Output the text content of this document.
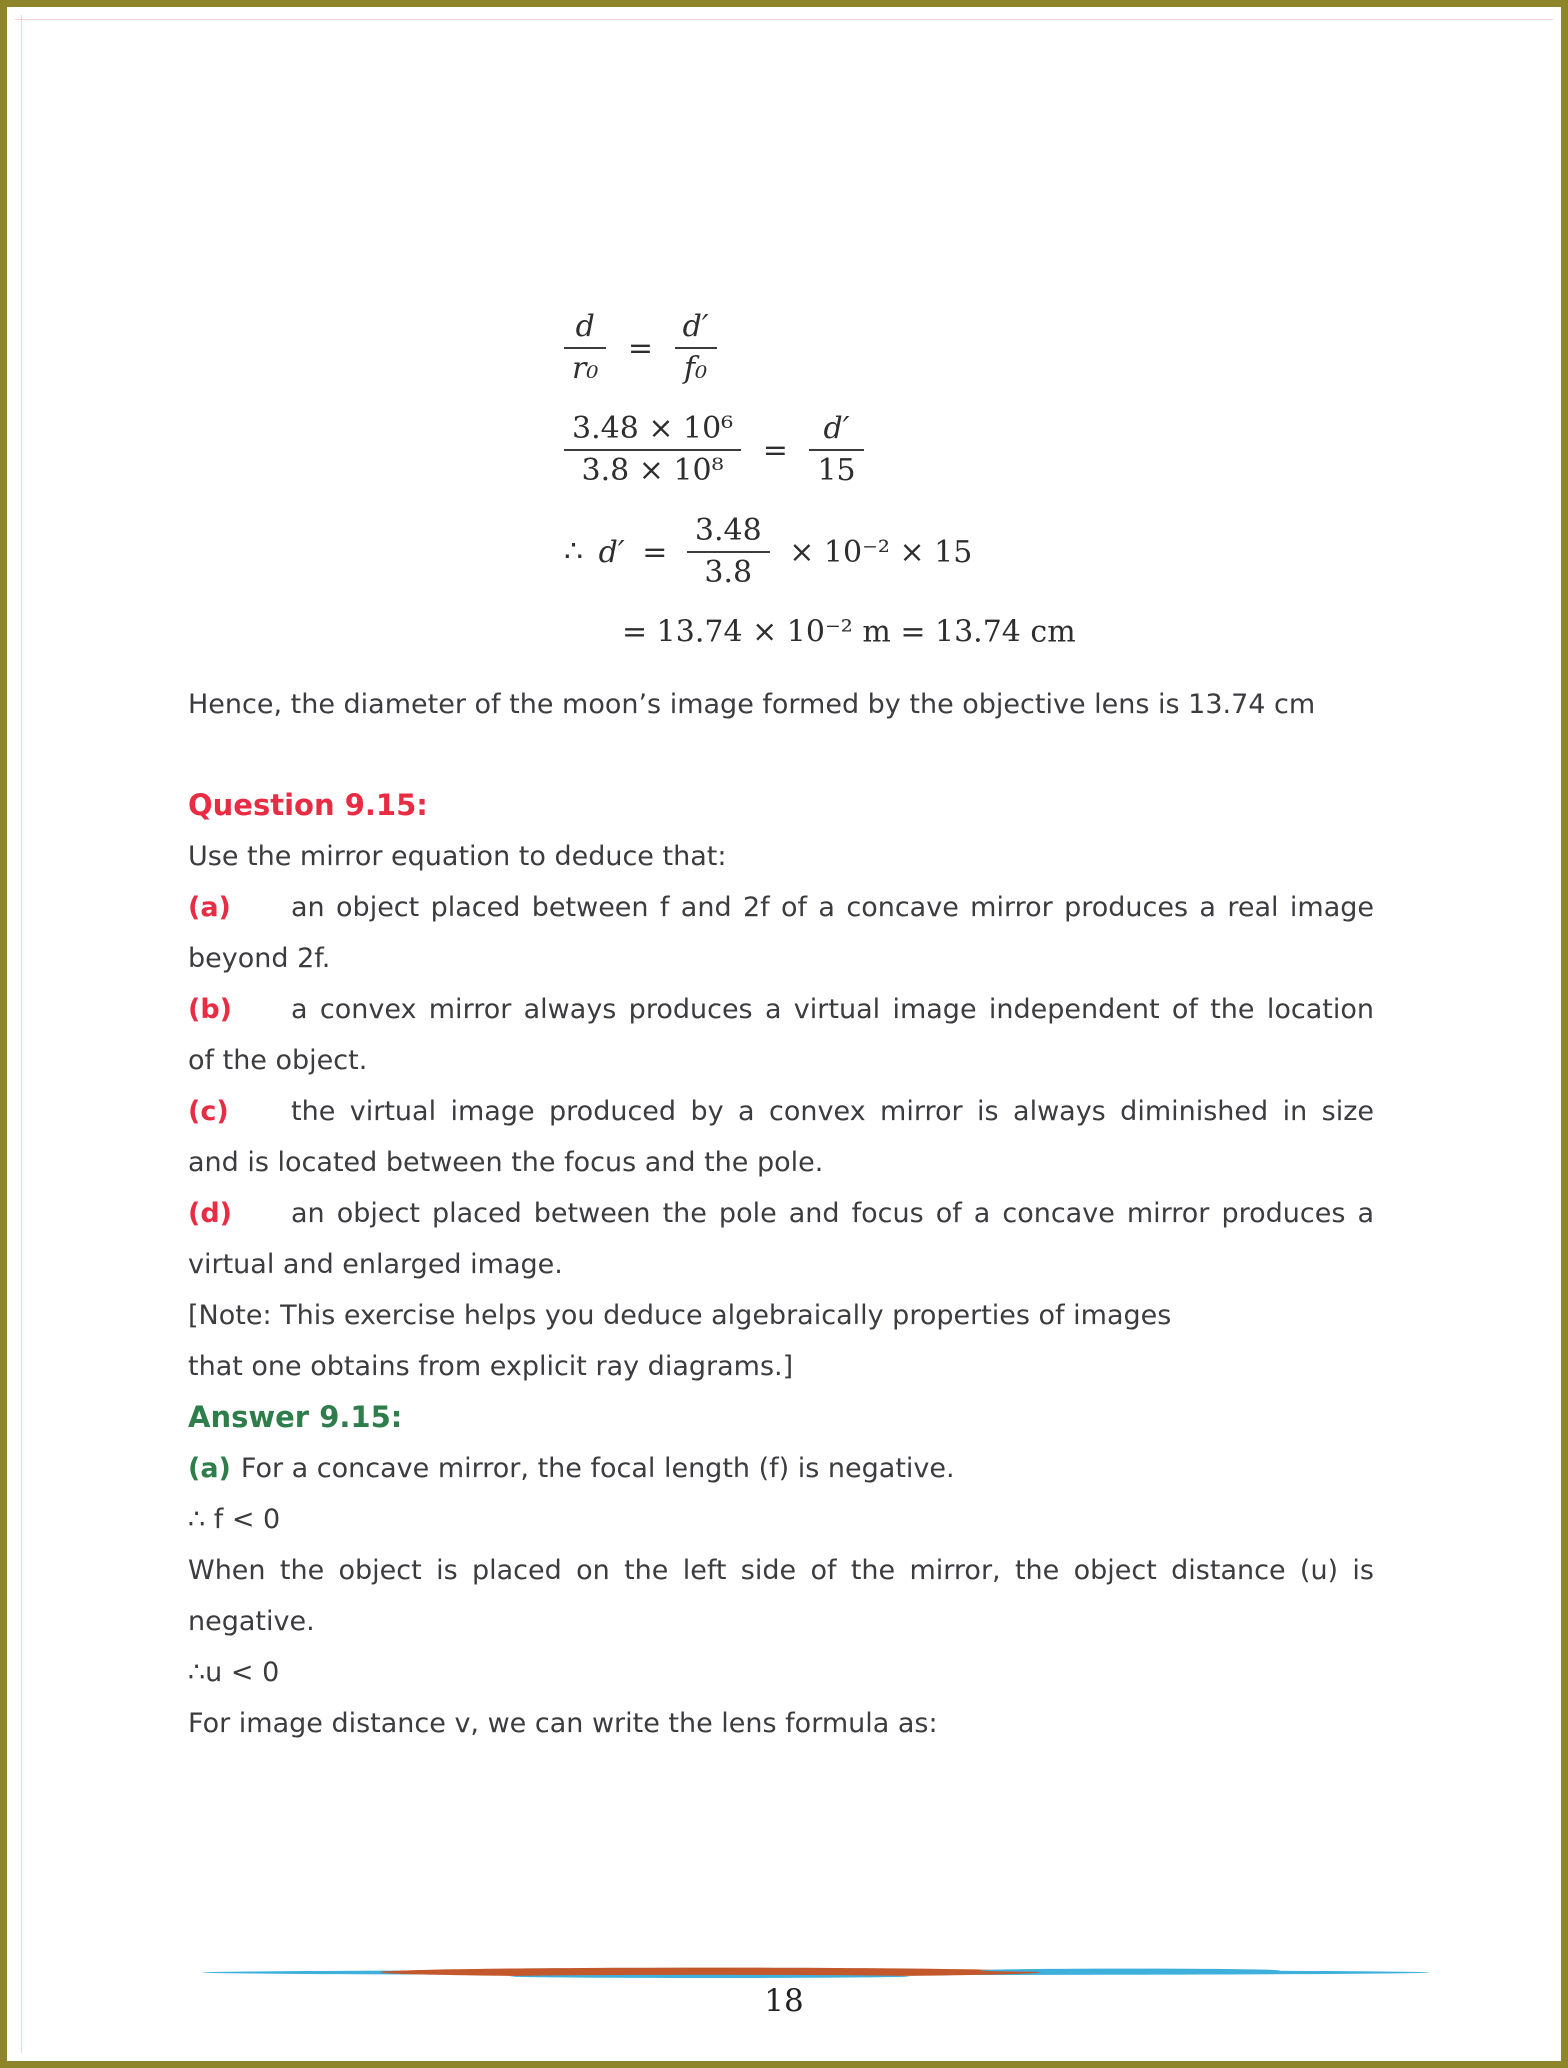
$\frac{d}{\text{r₀}} = \frac{d'}{\text{f₀}}$
$\frac{\text{3.48 × 10⁶}}{\text{3.8 × 10⁸}} = \frac{d'}{15}$
∴ $d' = \frac{3.48}{3.8} \times 10^{-2} \times 15$
= 13.74 × 10⁻² m = 13.74 cm
Hence, the diameter of the moon’s image formed by the objective lens is 13.74 cm
Question 9.15:
Use the mirror equation to deduce that:
(a) an object placed between f and 2f of a concave mirror produces a real image
beyond 2f.
(b) a convex mirror always produces a virtual image independent of the location
of the object.
(c) the virtual image produced by a convex mirror is always diminished in size
and is located between the focus and the pole.
(d) an object placed between the pole and focus of a concave mirror produces a
virtual and enlarged image.
[Note: This exercise helps you deduce algebraically properties of images
that one obtains from explicit ray diagrams.]
Answer 9.15:
(a) For a concave mirror, the focal length (f) is negative.
∴ f < 0
When the object is placed on the left side of the mirror, the object distance (u) is
negative.
∴u < 0
For image distance v, we can write the lens formula as:
18
